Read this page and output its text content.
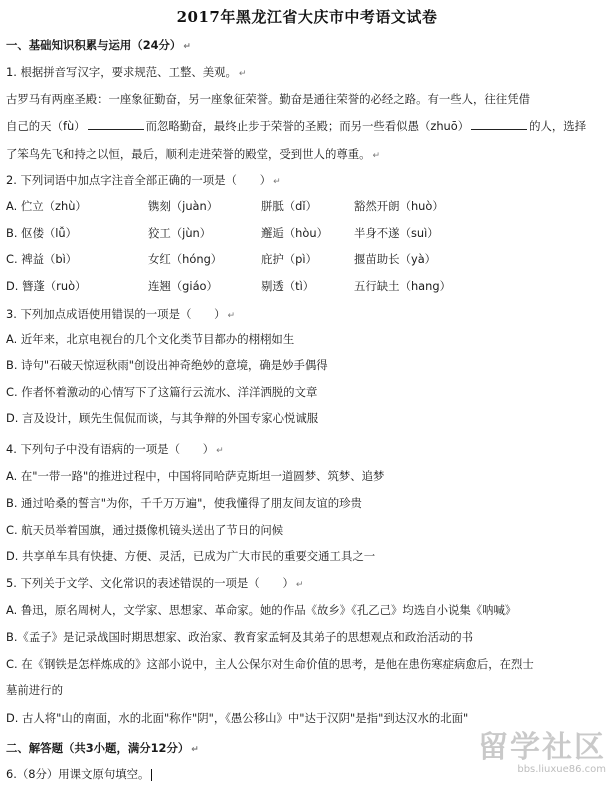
2017年黑龙江省大庆市中考语文试卷
一、基础知识积累与运用（24分） ↵
1. 根据拼音写汉字，要求规范、工整、美观。 ↵
古罗马有两座圣殿：一座象征勤奋，另一座象征荣誉。勤奋是通往荣誉的必经之路。有一些人，往往凭借
自己的天（fù）	而忽略勤奋，最终止步于荣誉的圣殿；而另一些看似愚（zhuō）	的人，选择
了笨鸟先飞和持之以恒，最后，顺利走进荣誉的殿堂，受到世人的尊重。 ↵
2. 下列词语中加点字注音全部正确的一项是（　　） ↵
A. 伫立（zhù）	镌刻（juàn）	胼胝（dǐ）	豁然开朗（huò）
B. 伛偻（lǚ）	狡工（jùn）	邂逅（hòu） 半身不遂（suì）
C. 裨益（bì）	女红（hóng）	庇护（pì）	揠苗助长（yà）
D. 簪蓬（ruò）	连翘（giáo）	剔透（tì）	五行缺土（hang）
3. 下列加点成语使用错误的一项是（　　） ↵
A. 近年来，北京电视台的几个文化类节目都办的栩栩如生
B. 诗句"石破天惊逗秋雨"创设出神奇绝妙的意境，确是妙手偶得
C. 作者怀着激动的心情写下了这篇行云流水、洋洋洒脱的文章
D. 言及设计，顾先生侃侃而谈，与其争辩的外国专家心悦诚服
4. 下列句子中没有语病的一项是（　　） ↵
A. 在"一带一路"的推进过程中，中国将同哈萨克斯坦一道圆梦、筑梦、追梦
B. 通过哈桑的誓言"为你，千千万万遍"，使我懂得了朋友间友谊的珍贵
C. 航天员举着国旗，通过摄像机镜头送出了节日的问候
D. 共享单车具有快捷、方便、灵活，已成为广大市民的重要交通工具之一
5. 下列关于文学、文化常识的表述错误的一项是（　　） ↵
A. 鲁迅，原名周树人，文学家、思想家、革命家。她的作品《故乡》《孔乙己》均选自小说集《呐喊》
B.《孟子》是记录战国时期思想家、政治家、教育家孟轲及其弟子的思想观点和政治活动的书
C. 在《钢铁是怎样炼成的》这部小说中，主人公保尔对生命价值的思考，是他在患伤寒症病愈后，在烈士
墓前进行的
D. 古人将"山的南面，水的北面"称作"阴"，《愚公移山》中"达于汉阴"是指"到达汉水的北面"
二、解答题（共3小题，满分12分） ↵
6.（8分）用课文原句填空。
留学社区
bbs.liuxue86.com
